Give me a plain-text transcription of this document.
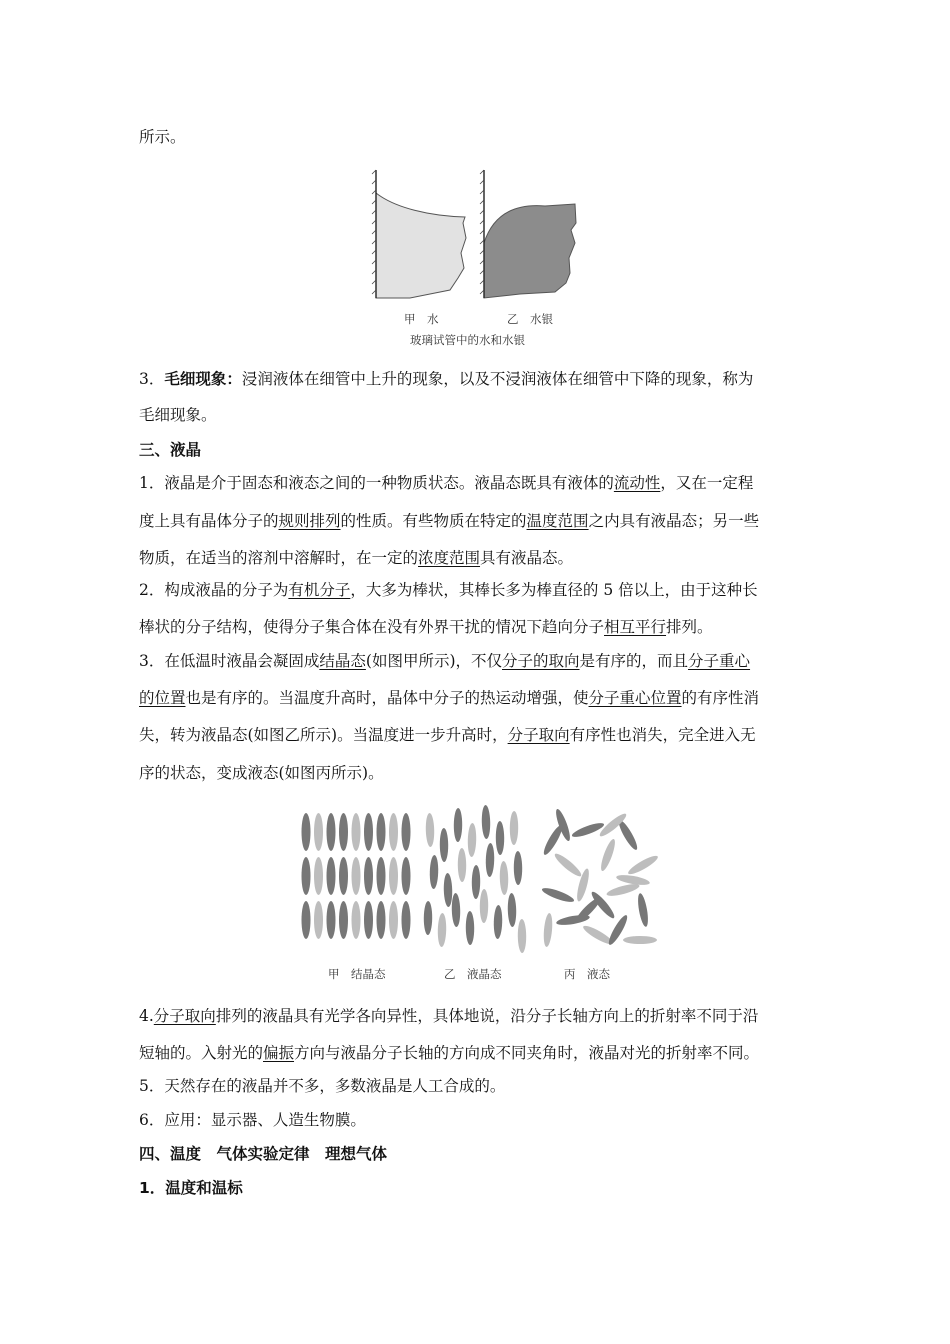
所示。
甲　水	乙　水银
玻璃试管中的水和水银
3．毛细现象：浸润液体在细管中上升的现象，以及不浸润液体在细管中下降的现象，称为
毛细现象。
三、液晶
1．液晶是介于固态和液态之间的一种物质状态。液晶态既具有液体的流动性，又在一定程
度上具有晶体分子的规则排列的性质。有些物质在特定的温度范围之内具有液晶态；另一些
物质，在适当的溶剂中溶解时，在一定的浓度范围具有液晶态。
2．构成液晶的分子为有机分子，大多为棒状，其棒长多为棒直径的 5 倍以上，由于这种长
棒状的分子结构，使得分子集合体在没有外界干扰的情况下趋向分子相互平行排列。
3．在低温时液晶会凝固成结晶态(如图甲所示)，不仅分子的取向是有序的，而且分子重心
的位置也是有序的。当温度升高时，晶体中分子的热运动增强，使分子重心位置的有序性消
失，转为液晶态(如图乙所示)。当温度进一步升高时，分子取向有序性也消失，完全进入无
序的状态，变成液态(如图丙所示)。
甲　结晶态	乙　液晶态	丙　液态
4.分子取向排列的液晶具有光学各向异性，具体地说，沿分子长轴方向上的折射率不同于沿
短轴的。入射光的偏振方向与液晶分子长轴的方向成不同夹角时，液晶对光的折射率不同。
5．天然存在的液晶并不多，多数液晶是人工合成的。
6．应用：显示器、人造生物膜。
四、温度　气体实验定律　理想气体
1．温度和温标
